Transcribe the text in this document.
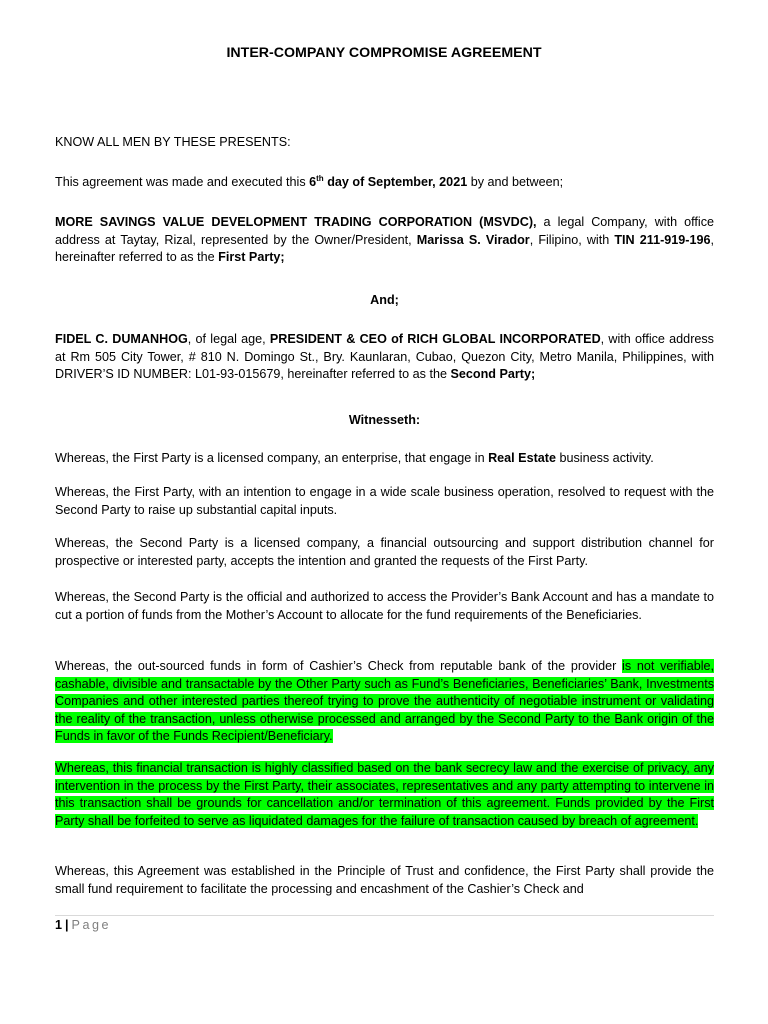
INTER-COMPANY COMPROMISE AGREEMENT

KNOW ALL MEN BY THESE PRESENTS:

This agreement was made and executed this 6th day of September, 2021 by and between;

MORE SAVINGS VALUE DEVELOPMENT TRADING CORPORATION (MSVDC), a legal Company, with office address at Taytay, Rizal, represented by the Owner/President, Marissa S. Virador, Filipino, with TIN 211-919-196, hereinafter referred to as the First Party;

And;

FIDEL C. DUMANHOG, of legal age, PRESIDENT & CEO of RICH GLOBAL INCORPORATED, with office address at Rm 505 City Tower, # 810 N. Domingo St., Bry. Kaunlaran, Cubao, Quezon City, Metro Manila, Philippines, with DRIVER’S ID NUMBER: L01-93-015679, hereinafter referred to as the Second Party;

Witnesseth:

Whereas, the First Party is a licensed company, an enterprise, that engage in Real Estate business activity.

Whereas, the First Party, with an intention to engage in a wide scale business operation, resolved to request with the Second Party to raise up substantial capital inputs.

Whereas, the Second Party is a licensed company, a financial outsourcing and support distribution channel for prospective or interested party, accepts the intention and granted the requests of the First Party.

Whereas, the Second Party is the official and authorized to access the Provider’s Bank Account and has a mandate to cut a portion of funds from the Mother’s Account to allocate for the fund requirements of the Beneficiaries.

Whereas, the out-sourced funds in form of Cashier’s Check from reputable bank of the provider is not verifiable, cashable, divisible and transactable by the Other Party such as Fund’s Beneficiaries, Beneficiaries’ Bank, Investments Companies and other interested parties thereof trying to prove the authenticity of negotiable instrument or validating the reality of the transaction, unless otherwise processed and arranged by the Second Party to the Bank origin of the Funds in favor of the Funds Recipient/Beneficiary.

Whereas, this financial transaction is highly classified based on the bank secrecy law and the exercise of privacy, any intervention in the process by the First Party, their associates, representatives and any party attempting to intervene in this transaction shall be grounds for cancellation and/or termination of this agreement. Funds provided by the First Party shall be forfeited to serve as liquidated damages for the failure of transaction caused by breach of agreement.

Whereas, this Agreement was established in the Principle of Trust and confidence, the First Party shall provide the small fund requirement to facilitate the processing and encashment of the Cashier’s Check and

1 | Page
